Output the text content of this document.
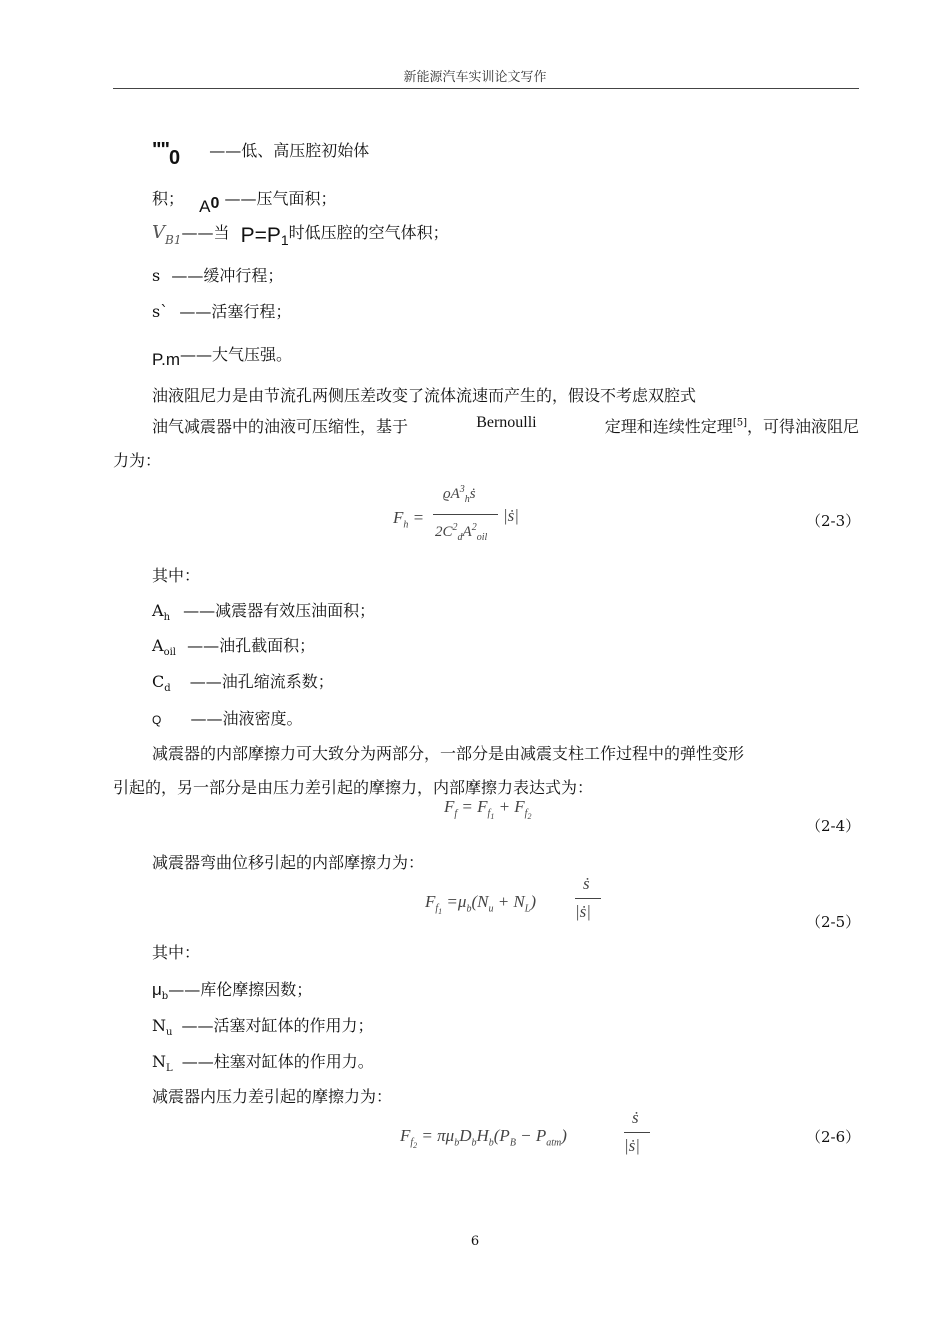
新能源汽车实训论文写作
""0 ——低、高压腔初始体
积； A0 ——压气面积；
$V_{B1}——$当 P=P1时低压腔的空气体积；
s ——缓冲行程；
s` ——活塞行程；
P.m——大气压强。
油液阻尼力是由节流孔两侧压差改变了流体流速而产生的，假设不考虑双腔式
油气减震器中的油液可压缩性，基于	Bernoulli	定理和连续性定理[5]，可得油液阻尼
力为：
$F_h$ =
$ϱA^3_hṡ$
$2C^2_dA^2_{oil}$
|ṡ|	（2-3）
其中：
$A_h$ ——减震器有效压油面积；
$A_{oil}$ ——油孔截面积；
$C_d$ ——油孔缩流系数；
Q ——油液密度。
减震器的内部摩擦力可大致分为两部分，一部分是由减震支柱工作过程中的弹性变形
引起的，另一部分是由压力差引起的摩擦力，内部摩擦力表达式为：
$F_f = F_{f_1} + F_{f_2}$
（2-4）
减震器弯曲位移引起的内部摩擦力为：
$F_{f_1} =\mu_b(N_u + N_L)$
ṡ
|ṡ|
（2-5）
其中：
$\mu_b——$库伦摩擦因数；
$N_u$ ——活塞对缸体的作用力；
$N_L$ ——柱塞对缸体的作用力。
减震器内压力差引起的摩擦力为：
$F_{f_2} = \pi\mu_bD_bH_b(P_B - P_{atm})$
ṡ
|ṡ|	（2-6）
6
